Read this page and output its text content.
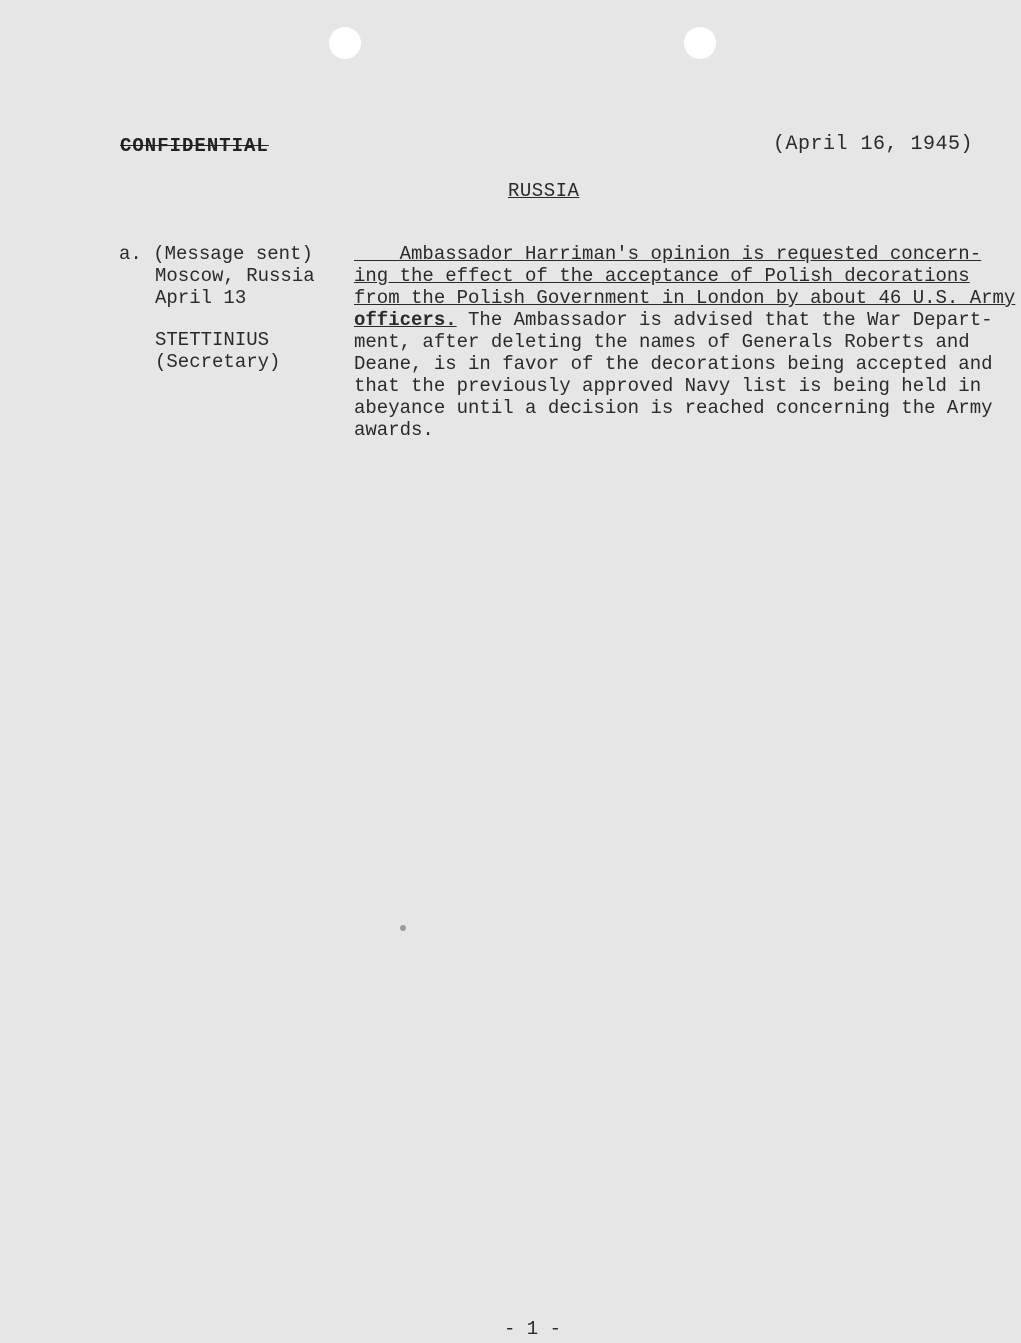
CONFIDENTIAL	(April 16, 1945)
RUSSIA
a. (Message sent)
Moscow, Russia
April 13
STETTINIUS
(Secretary)
Ambassador Harriman's opinion is requested concern-
ing the effect of the acceptance of Polish decorations
from the Polish Government in London by about 46 U.S. Army
officers. The Ambassador is advised that the War Depart-
ment, after deleting the names of Generals Roberts and
Deane, is in favor of the decorations being accepted and
that the previously approved Navy list is being held in
abeyance until a decision is reached concerning the Army
awards.
- 1 -
